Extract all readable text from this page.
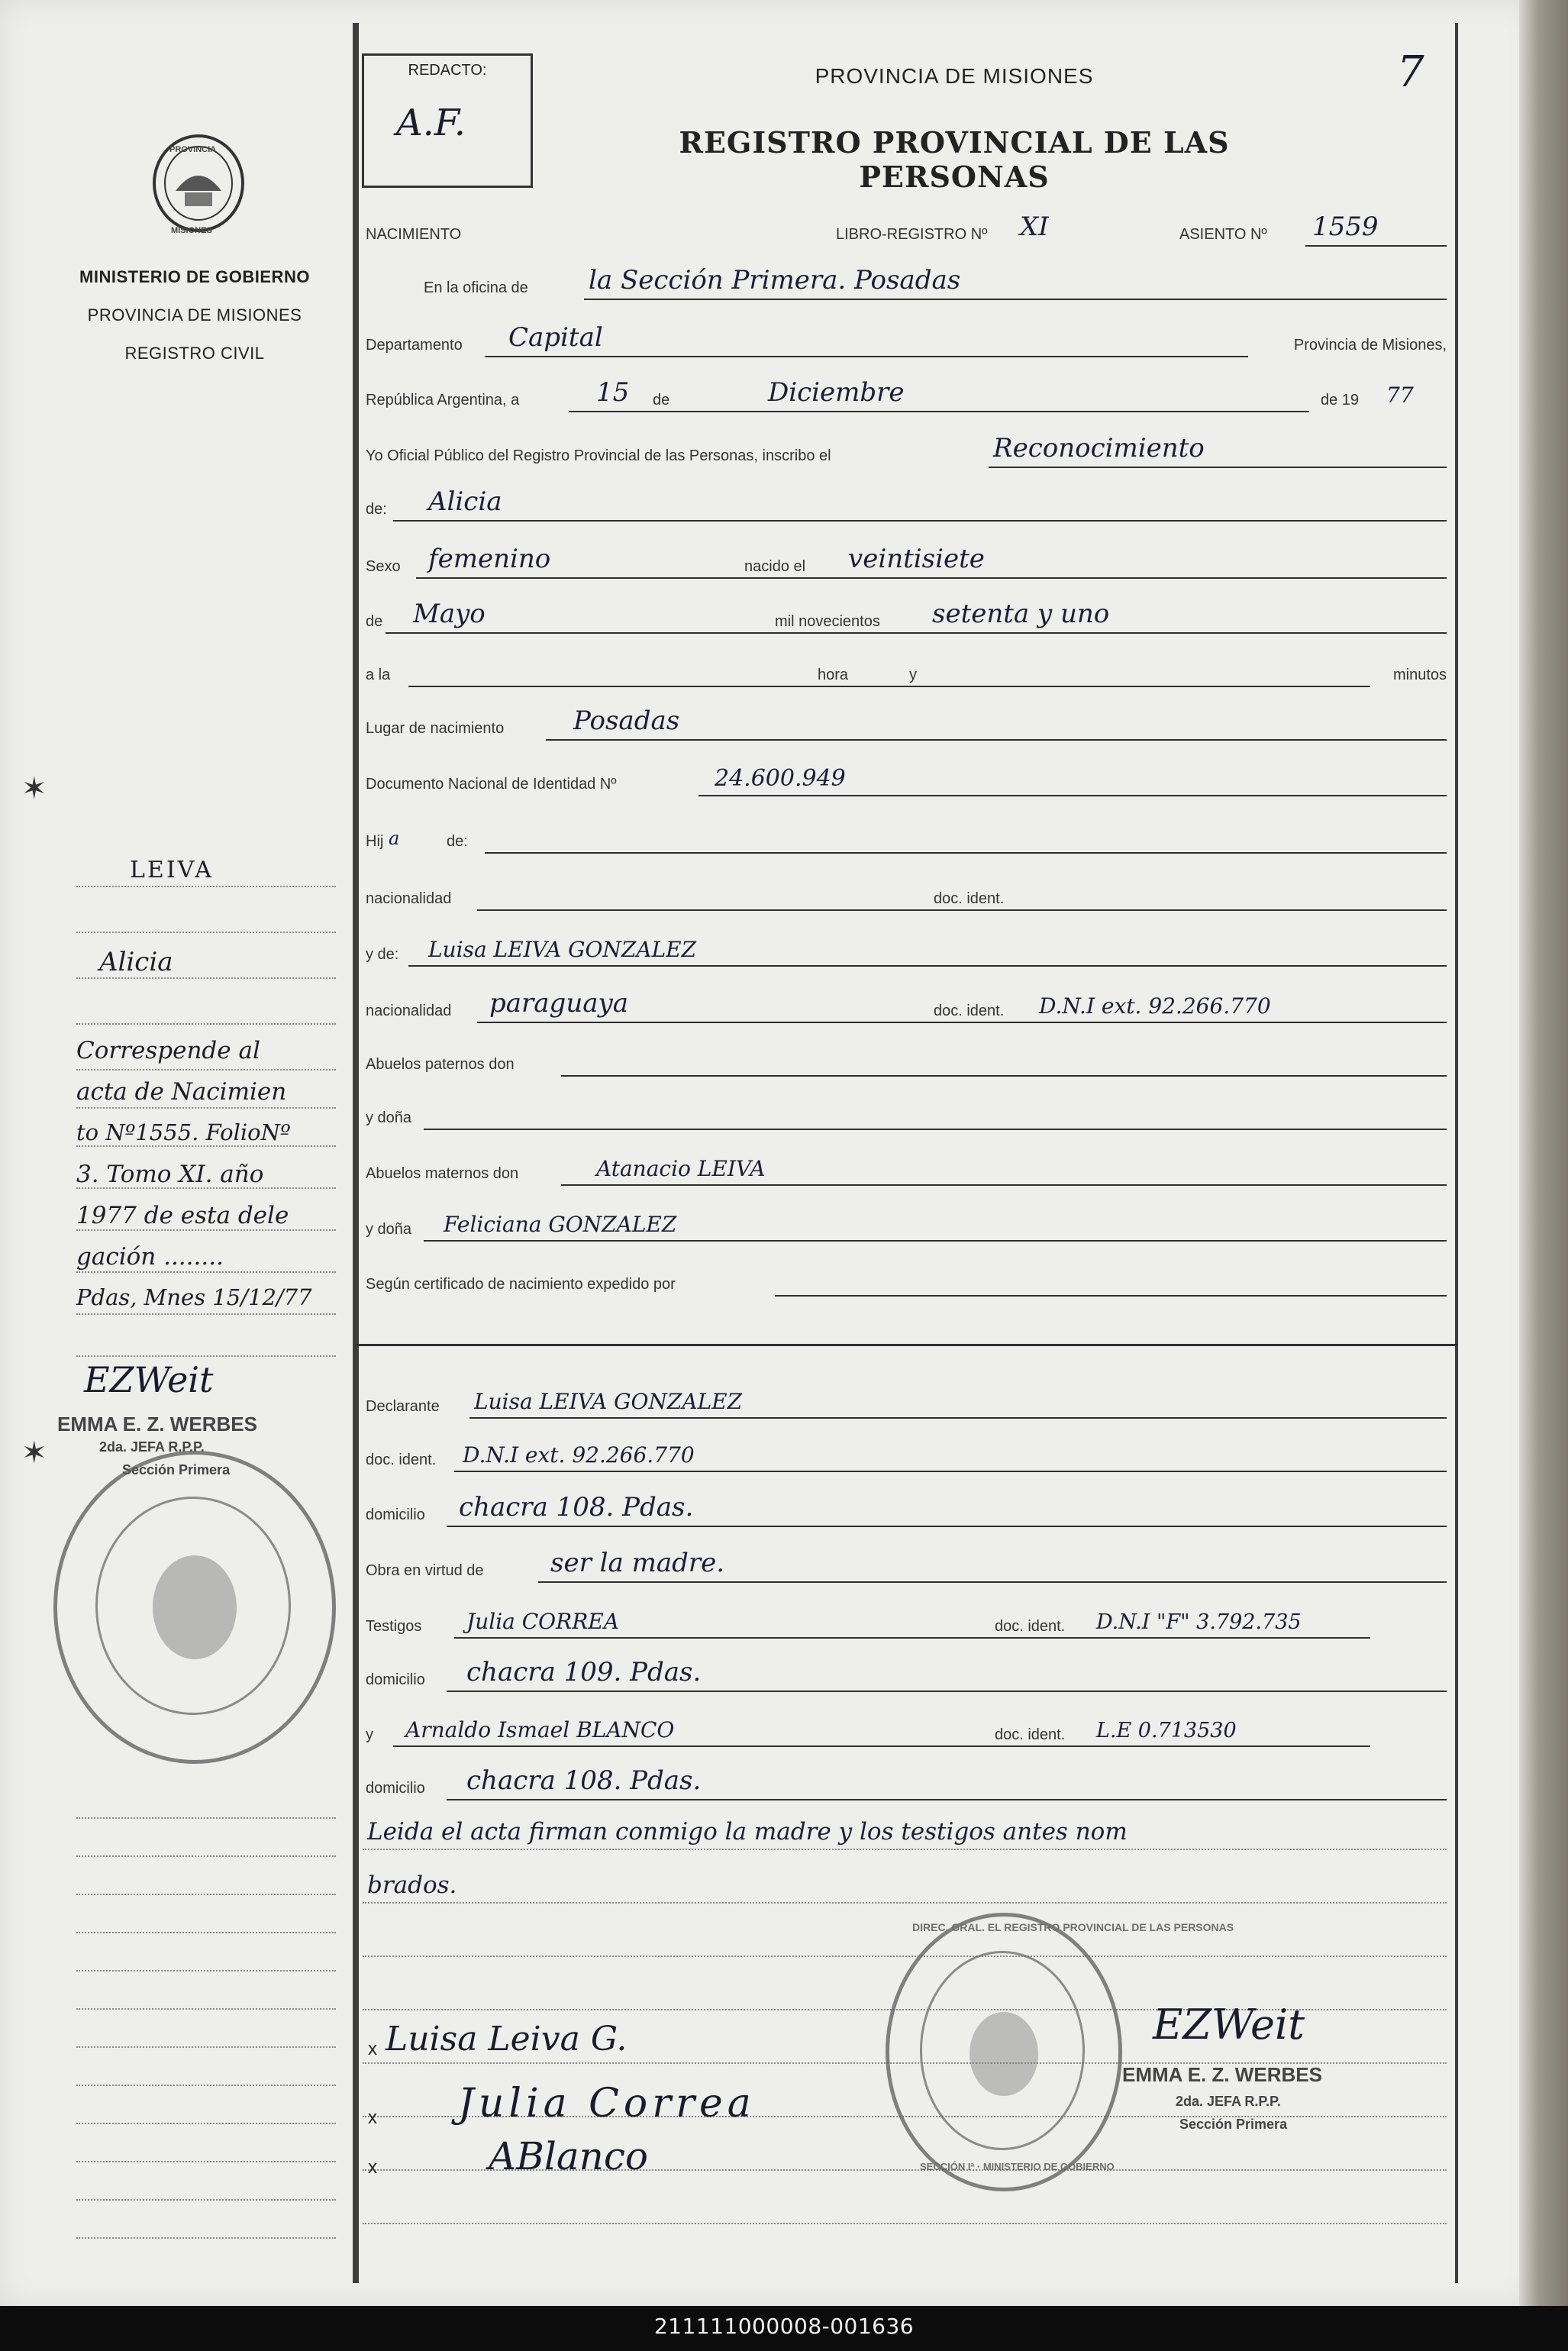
PROVINCIA
MISIONES
MINISTERIO DE GOBIERNO
PROVINCIA DE MISIONES
REGISTRO CIVIL
LEIVA
Alicia
Correspende al
acta de Nacimien
to Nº1555. FolioNº
3. Tomo XI. año
1977 de esta dele
gación ........
Pdas, Mnes 15/12/77
EZWeit
EMMA E. Z. WERBES
2da. JEFA R.P.P.
Sección Primera
✶
✶
REDACTO:
A.F.
PROVINCIA DE MISIONES
REGISTRO PROVINCIAL DE LAS PERSONAS
7
NACIMIENTO	LIBRO-REGISTRO Nº XI	ASIENTO Nº 1559
En la oficina de la Sección Primera. Posadas
Departamento Capital	Provincia de Misiones,
República Argentina, a	15	de	Diciembre	de 19 77
Yo Oficial Público del Registro Provincial de las Personas, inscribo el	Reconocimiento
de: Alicia
Sexo femenino	nacido el veintisiete
de Mayo	mil novecientos setenta y uno
a la	hora	y	minutos
Lugar de nacimiento	Posadas
Documento Nacional de Identidad Nº	24.600.949
Hij a	de:
nacionalidad	doc. ident.
y de: Luisa LEIVA GONZALEZ
nacionalidad paraguaya	doc. ident. D.N.I ext. 92.266.770
Abuelos paternos don
y doña
Abuelos maternos don	Atanacio LEIVA
y doña Feliciana GONZALEZ
Según certificado de nacimiento expedido por
Declarante Luisa LEIVA GONZALEZ
doc. ident. D.N.I ext. 92.266.770
domicilio chacra 108. Pdas.
Obra en virtud de	ser la madre.
Testigos Julia CORREA	doc. ident. D.N.I "F" 3.792.735
domicilio chacra 109. Pdas.
y Arnaldo Ismael BLANCO	doc. ident. L.E 0.713530
domicilio chacra 108. Pdas.
Leida el acta firman conmigo la madre y los testigos antes nom
brados.
x Luisa Leiva G.
x Julia Correa
x	ABlanco
DIREC. GRAL. EL REGISTRO PROVINCIAL DE LAS PERSONAS
SECCIÓN Iª · MINISTERIO DE GOBIERNO
EZWeit
EMMA E. Z. WERBES
2da. JEFA R.P.P.
Sección Primera
211111000008-001636
